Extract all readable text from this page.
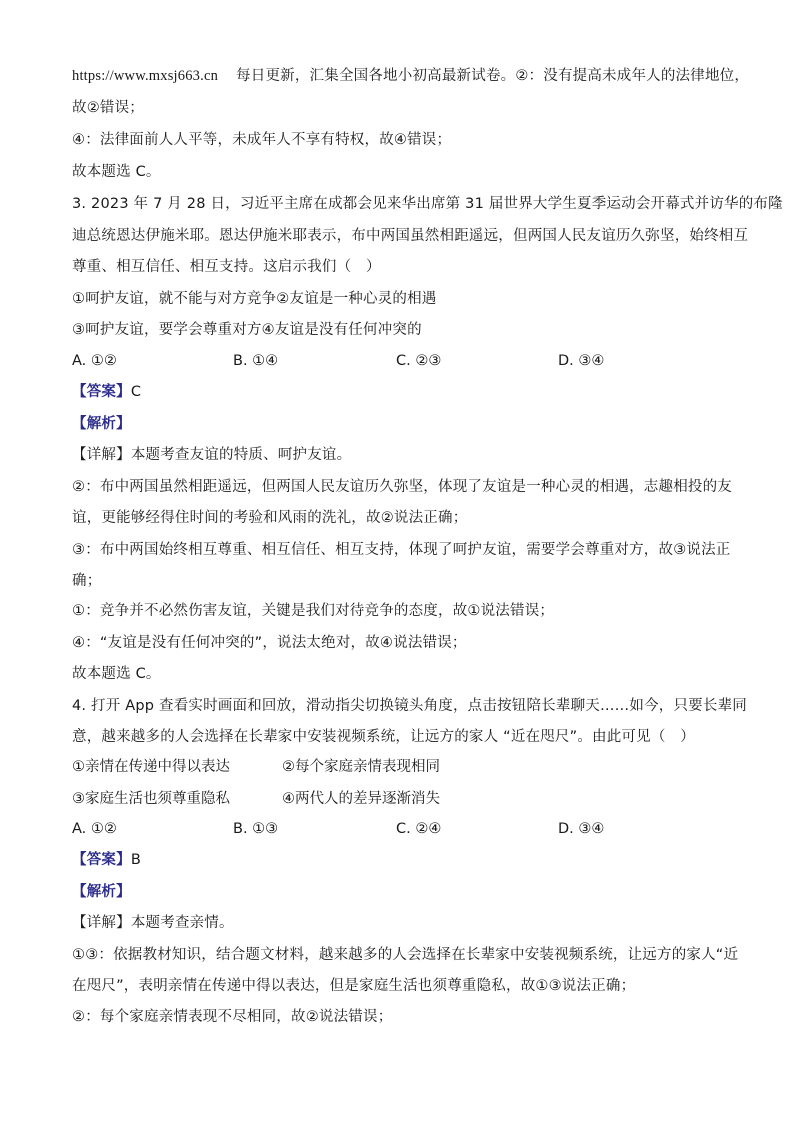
https://www.mxsj663.cn 每日更新，汇集全国各地小初高最新试卷。②：没有提高未成年人的法律地位，
故②错误；
④：法律面前人人平等，未成年人不享有特权，故④错误；
故本题选 C。
3. 2023 年 7 月 28 日，习近平主席在成都会见来华出席第 31 届世界大学生夏季运动会开幕式并访华的布隆
迪总统恩达伊施米耶。恩达伊施米耶表示，布中两国虽然相距遥远，但两国人民友谊历久弥坚，始终相互
尊重、相互信任、相互支持。这启示我们（　）
①呵护友谊，就不能与对方竞争②友谊是一种心灵的相遇
③呵护友谊，要学会尊重对方④友谊是没有任何冲突的
A. ①②	B. ①④	C. ②③	D. ③④
【答案】C
【解析】
【详解】本题考查友谊的特质、呵护友谊。
②：布中两国虽然相距遥远，但两国人民友谊历久弥坚，体现了友谊是一种心灵的相遇，志趣相投的友
谊，更能够经得住时间的考验和风雨的洗礼，故②说法正确；
③：布中两国始终相互尊重、相互信任、相互支持，体现了呵护友谊，需要学会尊重对方，故③说法正
确；
①：竞争并不必然伤害友谊，关键是我们对待竞争的态度，故①说法错误；
④：“友谊是没有任何冲突的”，说法太绝对，故④说法错误；
故本题选 C。
4. 打开 App 查看实时画面和回放，滑动指尖切换镜头角度，点击按钮陪长辈聊天……如今，只要长辈同
意，越来越多的人会选择在长辈家中安装视频系统，让远方的家人 “近在咫尺”。由此可见（　）
①亲情在传递中得以表达	②每个家庭亲情表现相同
③家庭生活也须尊重隐私	④两代人的差异逐渐消失
A. ①②	B. ①③	C. ②④	D. ③④
【答案】B
【解析】
【详解】本题考查亲情。
①③：依据教材知识，结合题文材料，越来越多的人会选择在长辈家中安装视频系统，让远方的家人“近
在咫尺”，表明亲情在传递中得以表达，但是家庭生活也须尊重隐私，故①③说法正确；
②：每个家庭亲情表现不尽相同，故②说法错误；
